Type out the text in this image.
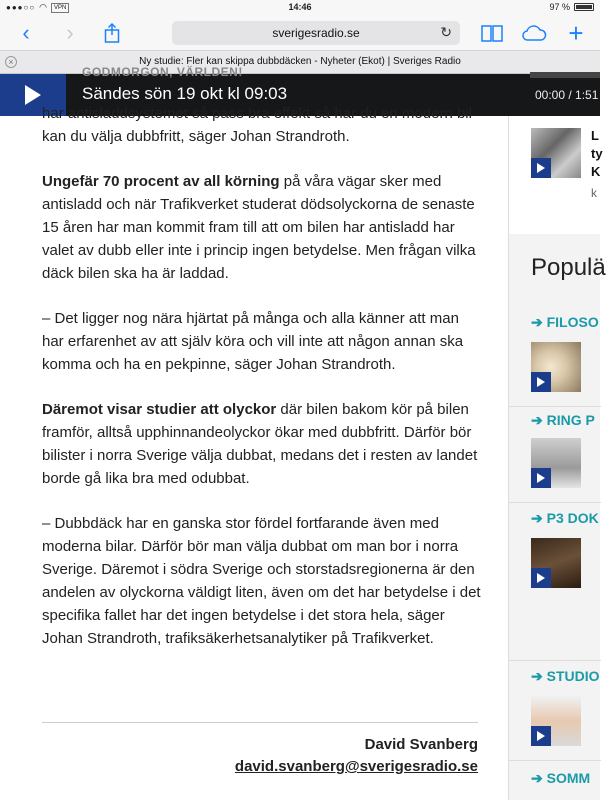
●●●○○ ◠	VPN	14:46	97 %
‹	›	sverigesradio.se	↻	+
×	Ny studie: Fler kan skippa dubbdäcken - Nyheter (Ekot) | Sveriges Radio
GODMORGON, VÄRLDEN!
Sändes sön 19 okt kl 09:03	00:00 / 1:51

har antisladdsystemet så pass bra effekt så har du en modern bil kan du välja dubbfritt, säger Johan Strandroth.

Ungefär 70 procent av all körning på våra vägar sker med antisladd och när Trafikverket studerat dödsolyckorna de senaste 15 åren har man kommit fram till att om bilen har antisladd har valet av dubb eller inte i princip ingen betydelse. Men frågan vilka däck bilen ska ha är laddad.

– Det ligger nog nära hjärtat på många och alla känner att man har erfarenhet av att själv köra och vill inte att någon annan ska komma och ha en pekpinne, säger Johan Strandroth.

Däremot visar studier att olyckor där bilen bakom kör på bilen framför, alltså upphinnandeolyckor ökar med dubbfritt. Därför bör bilister i norra Sverige välja dubbat, medans det i resten av landet borde gå lika bra med odubbat.

– Dubbdäck har en ganska stor fördel fortfarande även med moderna bilar. Därför bör man välja dubbat om man bor i norra Sverige. Däremot i södra Sverige och storstadsregionerna är den andelen av olyckorna väldigt liten, även om det har betydelse i det specifika fallet har det ingen betydelse i det stora hela, säger Johan Strandroth, trafiksäkerhetsanalytiker på Trafikverket.

David Svanberg
david.svanberg@sverigesradio.se
L
ty
K
k
Populä
➔ FILOSO
➔ RING P
➔ P3 DOK
➔ STUDIO
➔ SOMM
